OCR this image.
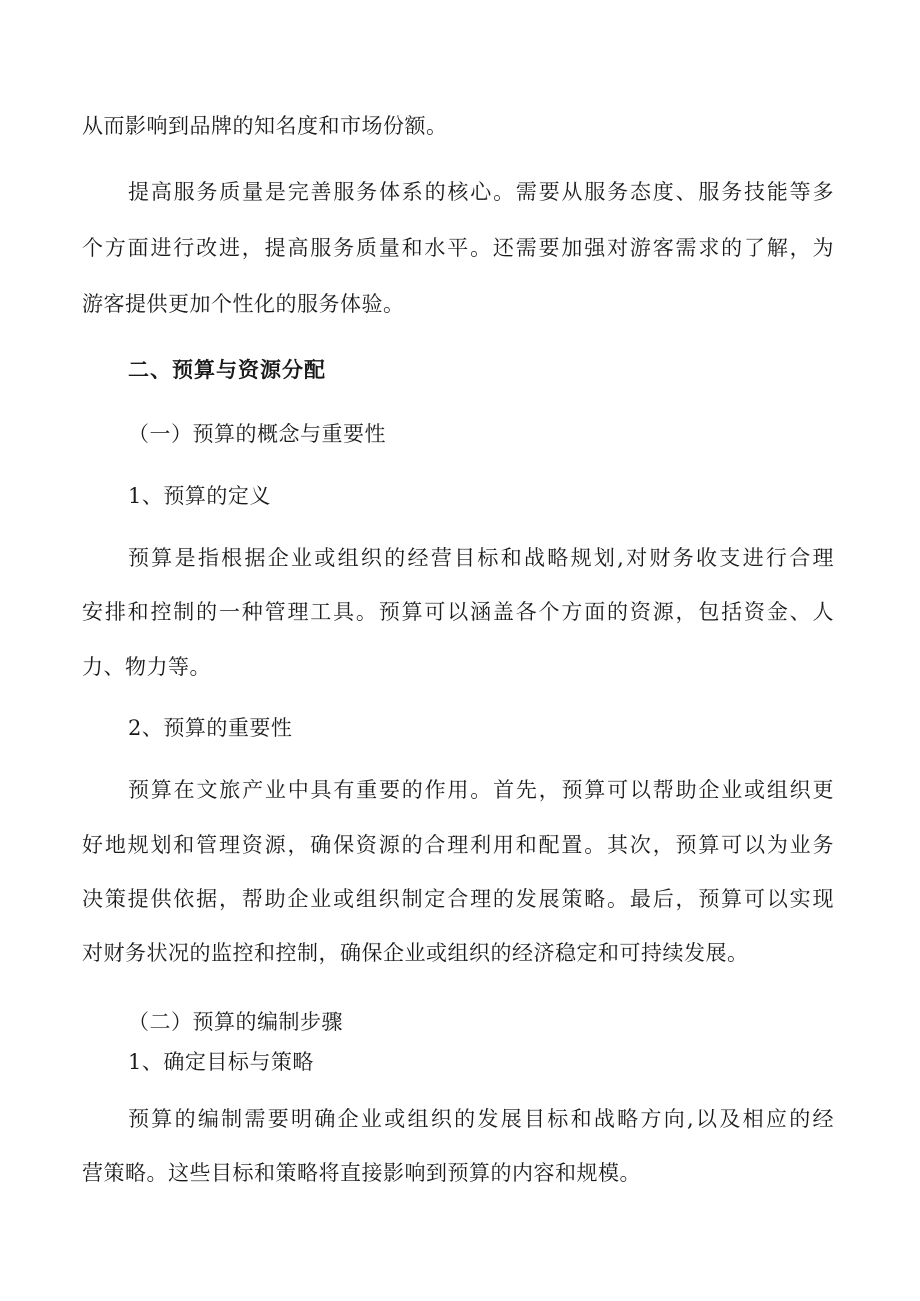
从而影响到品牌的知名度和市场份额。
提高服务质量是完善服务体系的核心。需要从服务态度、服务技能等多
个方面进行改进，提高服务质量和水平。还需要加强对游客需求的了解，为
游客提供更加个性化的服务体验。
二、预算与资源分配
（一）预算的概念与重要性
1、预算的定义
预算是指根据企业或组织的经营目标和战略规划,对财务收支进行合理
安排和控制的一种管理工具。预算可以涵盖各个方面的资源，包括资金、人
力、物力等。
2、预算的重要性
预算在文旅产业中具有重要的作用。首先，预算可以帮助企业或组织更
好地规划和管理资源，确保资源的合理利用和配置。其次，预算可以为业务
决策提供依据，帮助企业或组织制定合理的发展策略。最后，预算可以实现
对财务状况的监控和控制，确保企业或组织的经济稳定和可持续发展。
（二）预算的编制步骤
1、确定目标与策略
预算的编制需要明确企业或组织的发展目标和战略方向,以及相应的经
营策略。这些目标和策略将直接影响到预算的内容和规模。
